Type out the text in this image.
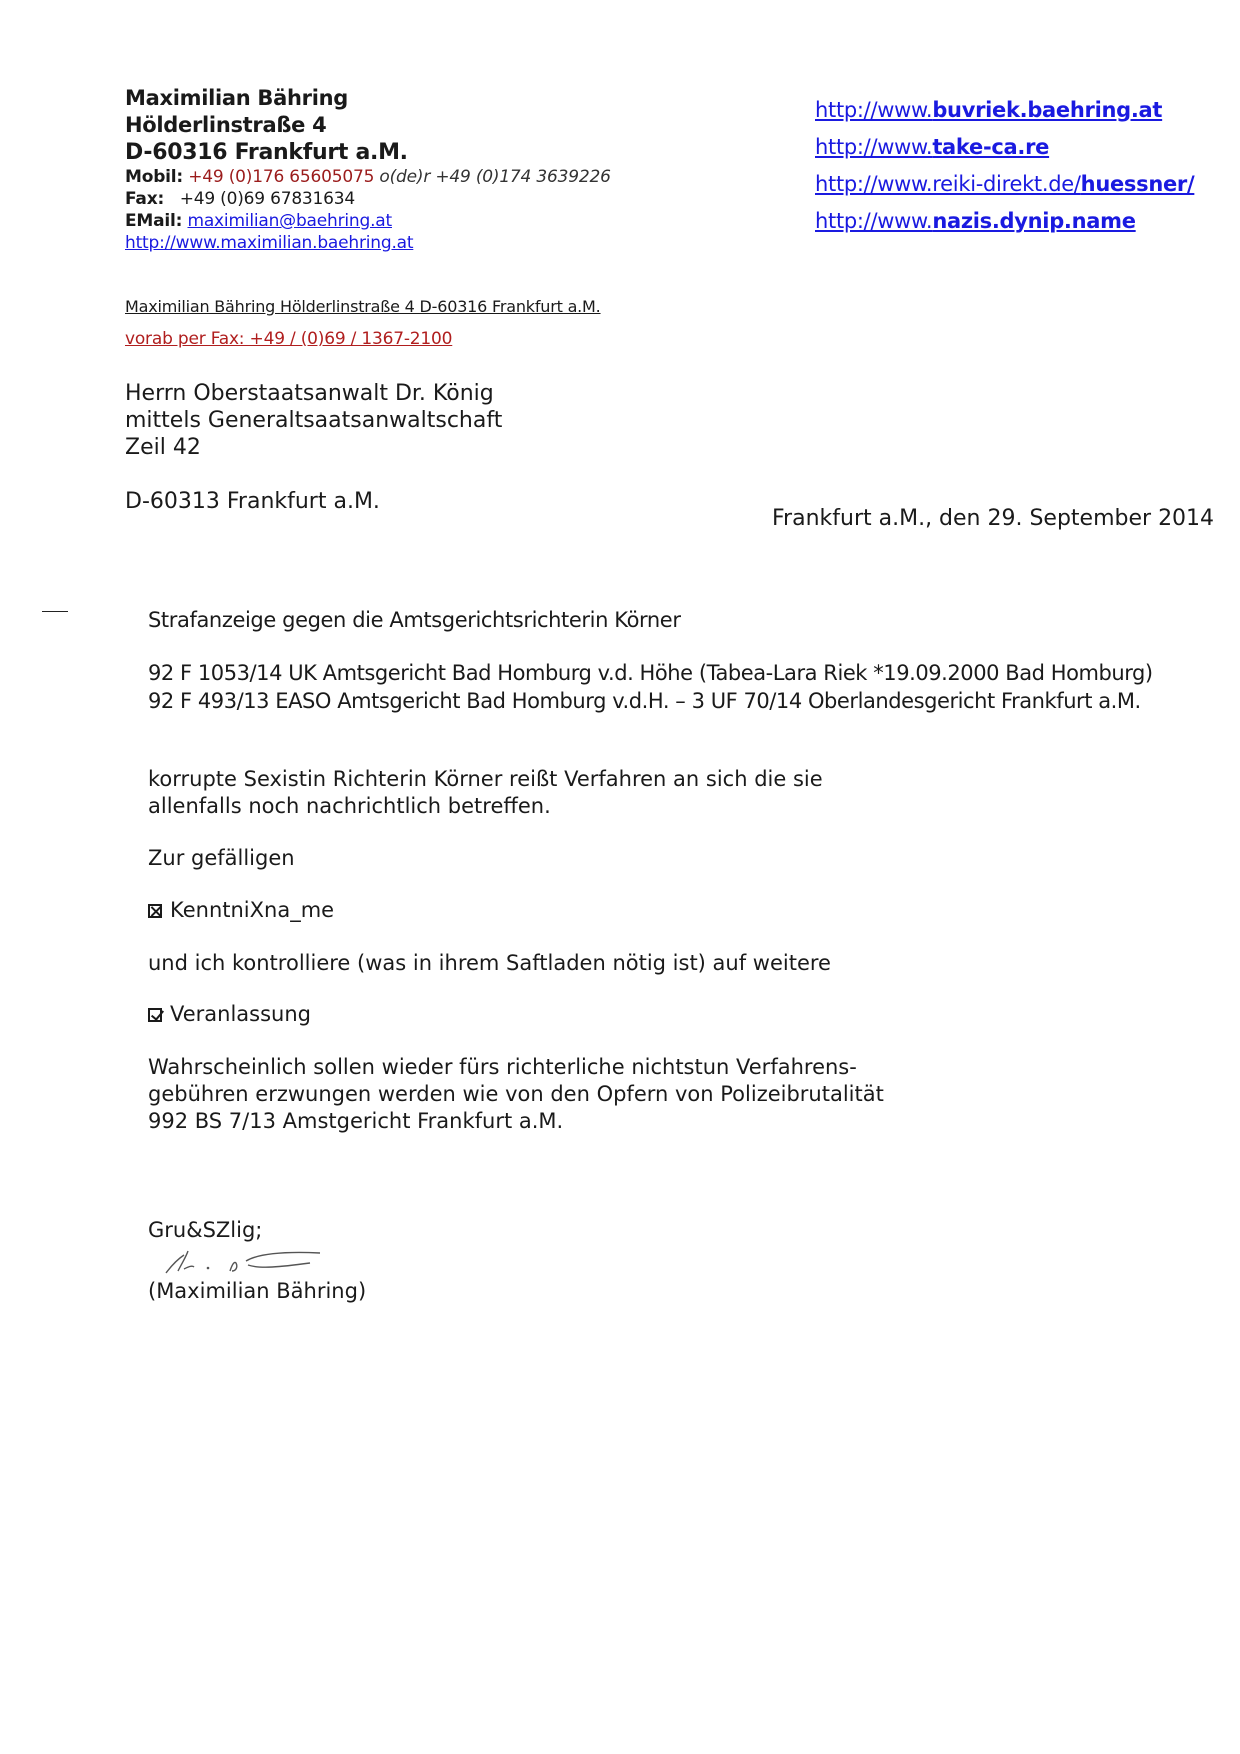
Maximilian Bähring
Hölderlinstraße 4
D-60316 Frankfurt a.M.
Mobil: +49 (0)176 65605075 o(de)r +49 (0)174 3639226
Fax: +49 (0)69 67831634
EMail: maximilian@baehring.at
http://www.maximilian.baehring.at
http://www.buvriek.baehring.at
http://www.take-ca.re
http://www.reiki-direkt.de/huessner/
http://www.nazis.dynip.name
Maximilian Bähring Hölderlinstraße 4 D-60316 Frankfurt a.M.
vorab per Fax: +49 / (0)69 / 1367-2100
Herrn Oberstaatsanwalt Dr. König
mittels Generaltsaatsanwaltschaft
Zeil 42
D-60313 Frankfurt a.M.
Frankfurt a.M., den 29. September 2014
Strafanzeige gegen die Amtsgerichtsrichterin Körner
92 F 1053/14 UK Amtsgericht Bad Homburg v.d. Höhe (Tabea-Lara Riek *19.09.2000 Bad Homburg)
92 F 493/13 EASO Amtsgericht Bad Homburg v.d.H. – 3 UF 70/14 Oberlandesgericht Frankfurt a.M.
korrupte Sexistin Richterin Körner reißt Verfahren an sich die sie
allenfalls noch nachrichtlich betreffen.
Zur gefälligen
KenntniXna_me
und ich kontrolliere (was in ihrem Saftladen nötig ist) auf weitere
Veranlassung
Wahrscheinlich sollen wieder fürs richterliche nichtstun Verfahrens-
gebühren erzwungen werden wie von den Opfern von Polizeibrutalität
992 BS 7/13 Amstgericht Frankfurt a.M.
Gru&SZlig;
(Maximilian Bähring)
